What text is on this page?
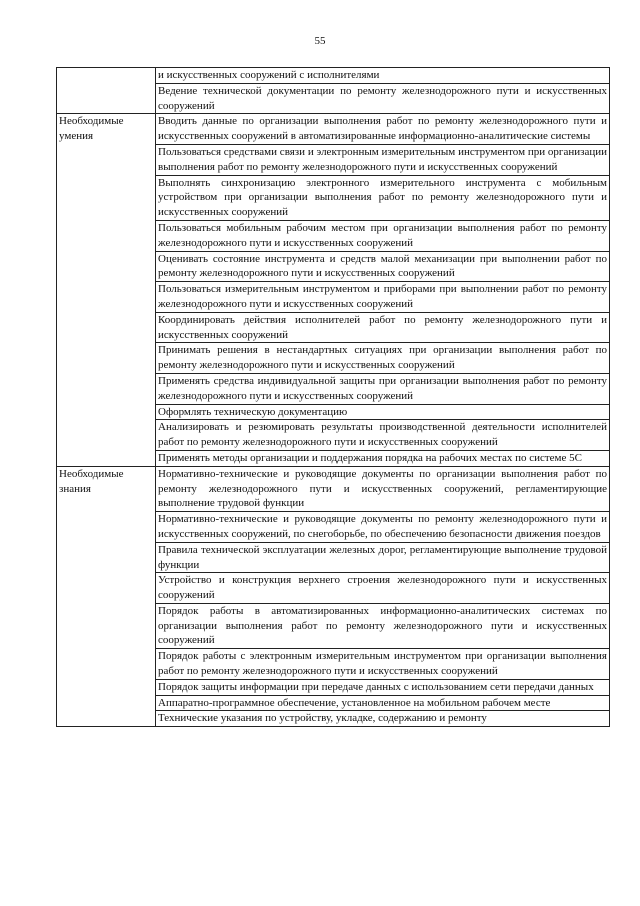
55
	и искусственных сооружений с исполнителями
	Ведение технической документации по ремонту железнодорожного пути и искусственных сооружений
Необходимые умения	Вводить данные по организации выполнения работ по ремонту железнодорожного пути и искусственных сооружений в автоматизированные информационно-аналитические системы
	Пользоваться средствами связи и электронным измерительным инструментом при организации выполнения работ по ремонту железнодорожного пути и искусственных сооружений
	Выполнять синхронизацию электронного измерительного инструмента с мобильным устройством при организации выполнения работ по ремонту железнодорожного пути и искусственных сооружений
	Пользоваться мобильным рабочим местом при организации выполнения работ по ремонту железнодорожного пути и искусственных сооружений
	Оценивать состояние инструмента и средств малой механизации при выполнении работ по ремонту железнодорожного пути и искусственных сооружений
	Пользоваться измерительным инструментом и приборами при выполнении работ по ремонту железнодорожного пути и искусственных сооружений
	Координировать действия исполнителей работ по ремонту железнодорожного пути и искусственных сооружений
	Принимать решения в нестандартных ситуациях при организации выполнения работ по ремонту железнодорожного пути и искусственных сооружений
	Применять средства индивидуальной защиты при организации выполнения работ по ремонту железнодорожного пути и искусственных сооружений
	Оформлять техническую документацию
	Анализировать и резюмировать результаты производственной деятельности исполнителей работ по ремонту железнодорожного пути и искусственных сооружений
	Применять методы организации и поддержания порядка на рабочих местах по системе 5С
Необходимые знания	Нормативно-технические и руководящие документы по организации выполнения работ по ремонту железнодорожного пути и искусственных сооружений, регламентирующие выполнение трудовой функции
	Нормативно-технические и руководящие документы по ремонту железнодорожного пути и искусственных сооружений, по снегоборьбе, по обеспечению безопасности движения поездов
	Правила технической эксплуатации железных дорог, регламентирующие выполнение трудовой функции
	Устройство и конструкция верхнего строения железнодорожного пути и искусственных сооружений
	Порядок работы в автоматизированных информационно-аналитических системах по организации выполнения работ по ремонту железнодорожного пути и искусственных сооружений
	Порядок работы с электронным измерительным инструментом при организации выполнения работ по ремонту железнодорожного пути и искусственных сооружений
	Порядок защиты информации при передаче данных с использованием сети передачи данных
	Аппаратно-программное обеспечение, установленное на мобильном рабочем месте
	Технические указания по устройству, укладке, содержанию и ремонту
